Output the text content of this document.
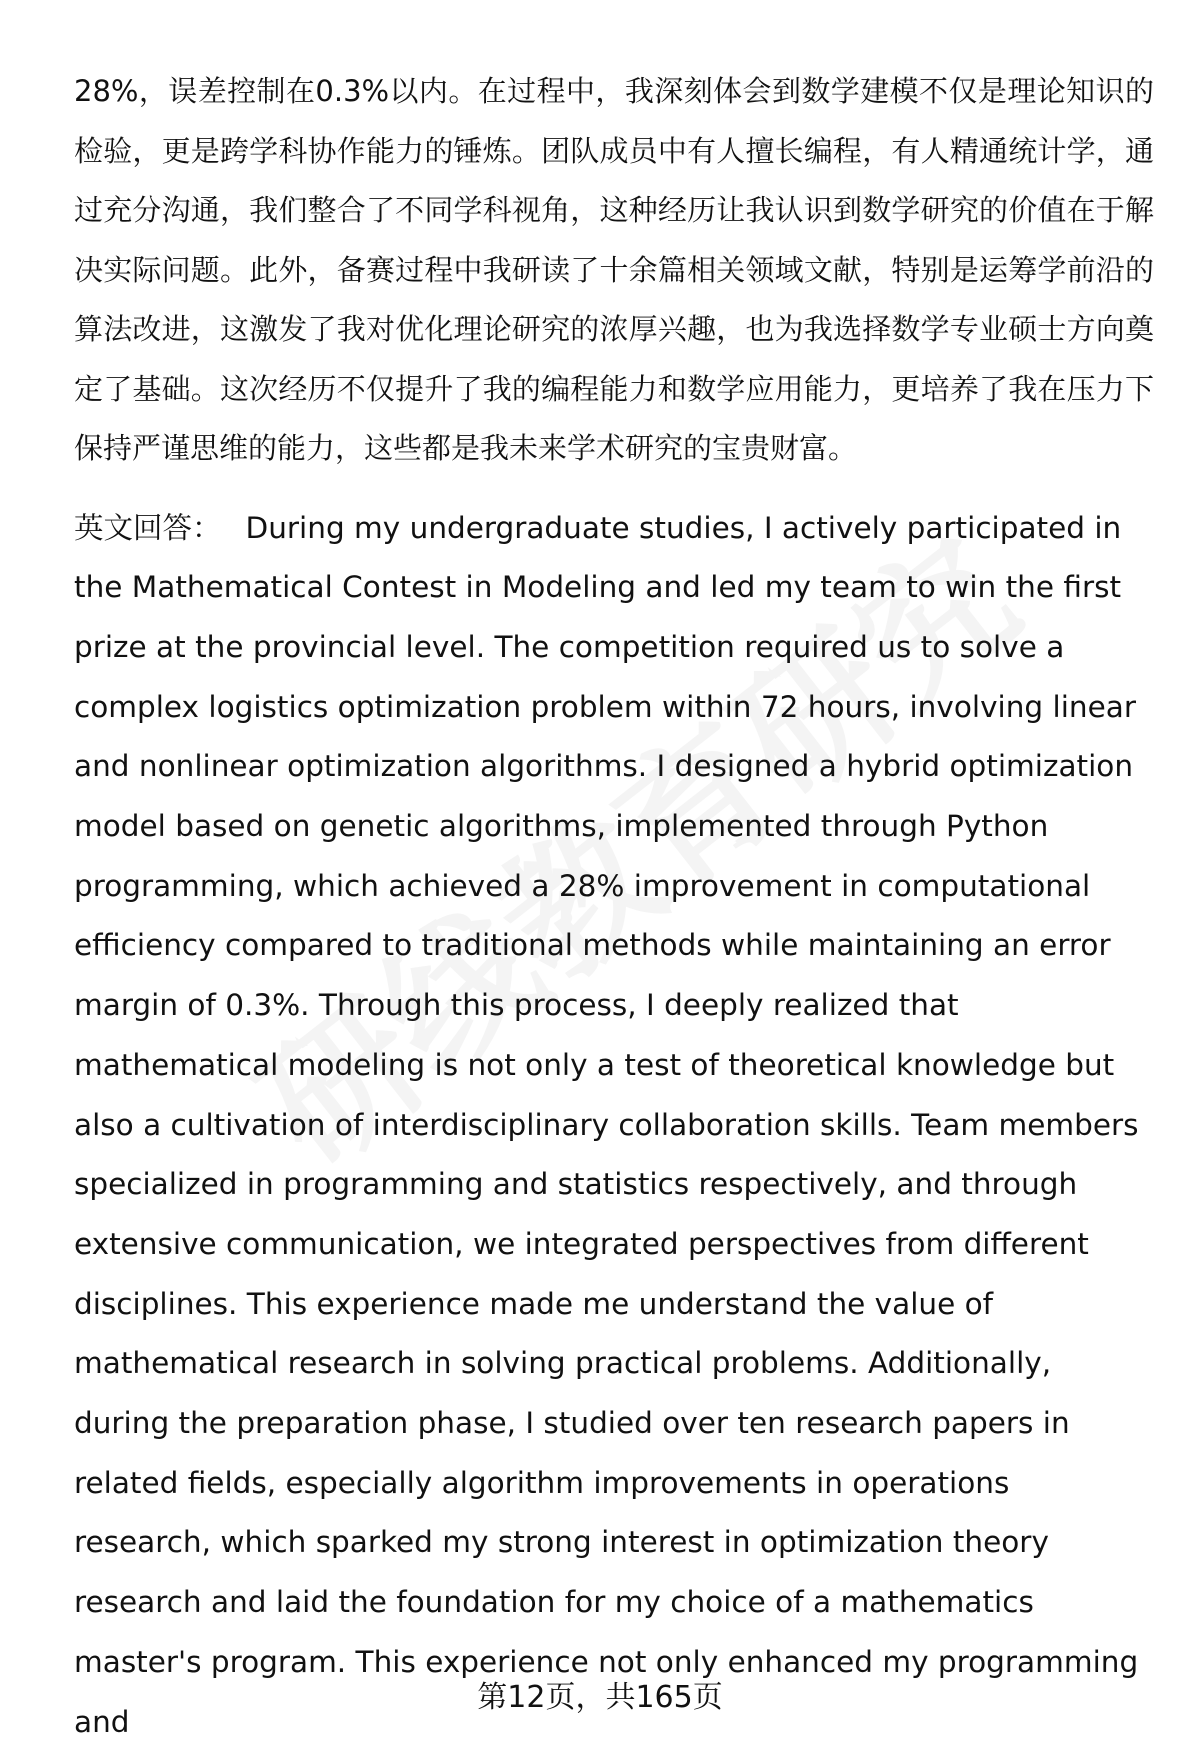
28%，误差控制在0.3%以内。在过程中，我深刻体会到数学建模不仅是理论知识的检验，更是跨学科协作能力的锤炼。团队成员中有人擅长编程，有人精通统计学，通过充分沟通，我们整合了不同学科视角，这种经历让我认识到数学研究的价值在于解决实际问题。此外，备赛过程中我研读了十余篇相关领域文献，特别是运筹学前沿的算法改进，这激发了我对优化理论研究的浓厚兴趣，也为我选择数学专业硕士方向奠定了基础。这次经历不仅提升了我的编程能力和数学应用能力，更培养了我在压力下保持严谨思维的能力，这些都是我未来学术研究的宝贵财富。

英文回答： During my undergraduate studies, I actively participated in the Mathematical Contest in Modeling and led my team to win the first prize at the provincial level. The competition required us to solve a complex logistics optimization problem within 72 hours, involving linear and nonlinear optimization algorithms. I designed a hybrid optimization model based on genetic algorithms, implemented through Python programming, which achieved a 28% improvement in computational efficiency compared to traditional methods while maintaining an error margin of 0.3%. Through this process, I deeply realized that mathematical modeling is not only a test of theoretical knowledge but also a cultivation of interdisciplinary collaboration skills. Team members specialized in programming and statistics respectively, and through extensive communication, we integrated perspectives from different disciplines. This experience made me understand the value of mathematical research in solving practical problems. Additionally, during the preparation phase, I studied over ten research papers in related fields, especially algorithm improvements in operations research, which sparked my strong interest in optimization theory research and laid the foundation for my choice of a mathematics master's program. This experience not only enhanced my programming and

第12页，共165页
